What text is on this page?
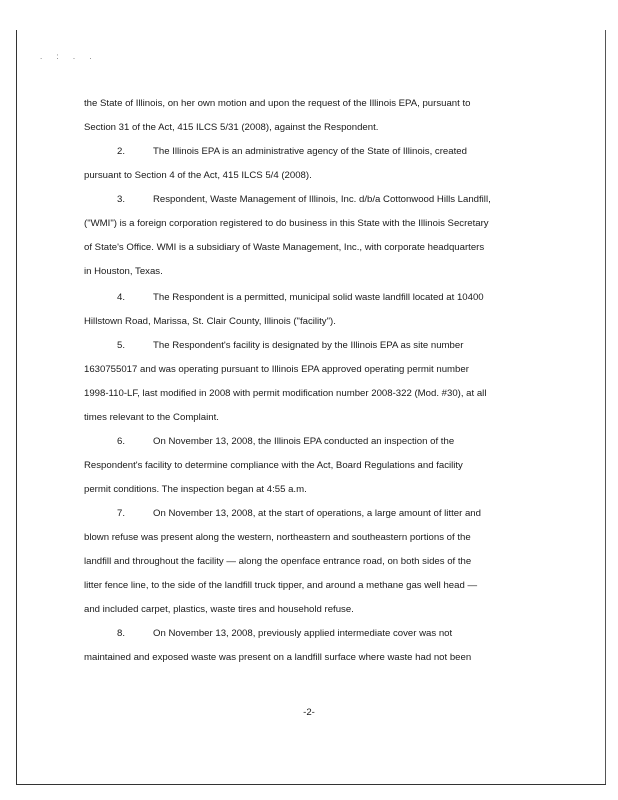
. : . .
the State of Illinois, on her own motion and upon the request of the Illinois EPA, pursuant to
Section 31 of the Act, 415 ILCS 5/31 (2008), against the Respondent.
2.	The Illinois EPA is an administrative agency of the State of Illinois, created
pursuant to Section 4 of the Act, 415 ILCS 5/4 (2008).
3.	Respondent, Waste Management of Illinois, Inc. d/b/a Cottonwood Hills Landfill,
("WMI") is a foreign corporation registered to do business in this State with the Illinois Secretary
of State's Office. WMI is a subsidiary of Waste Management, Inc., with corporate headquarters
in Houston, Texas.
4.	The Respondent is a permitted, municipal solid waste landfill located at 10400
Hillstown Road, Marissa, St. Clair County, Illinois ("facility").
5.	The Respondent's facility is designated by the Illinois EPA as site number
1630755017 and was operating pursuant to Illinois EPA approved operating permit number
1998-110-LF, last modified in 2008 with permit modification number 2008-322 (Mod. #30), at all
times relevant to the Complaint.
6.	On November 13, 2008, the Illinois EPA conducted an inspection of the
Respondent's facility to determine compliance with the Act, Board Regulations and facility
permit conditions. The inspection began at 4:55 a.m.
7.	On November 13, 2008, at the start of operations, a large amount of litter and
blown refuse was present along the western, northeastern and southeastern portions of the
landfill and throughout the facility — along the openface entrance road, on both sides of the
litter fence line, to the side of the landfill truck tipper, and around a methane gas well head —
and included carpet, plastics, waste tires and household refuse.
8.	On November 13, 2008, previously applied intermediate cover was not
maintained and exposed waste was present on a landfill surface where waste had not been
-2-
